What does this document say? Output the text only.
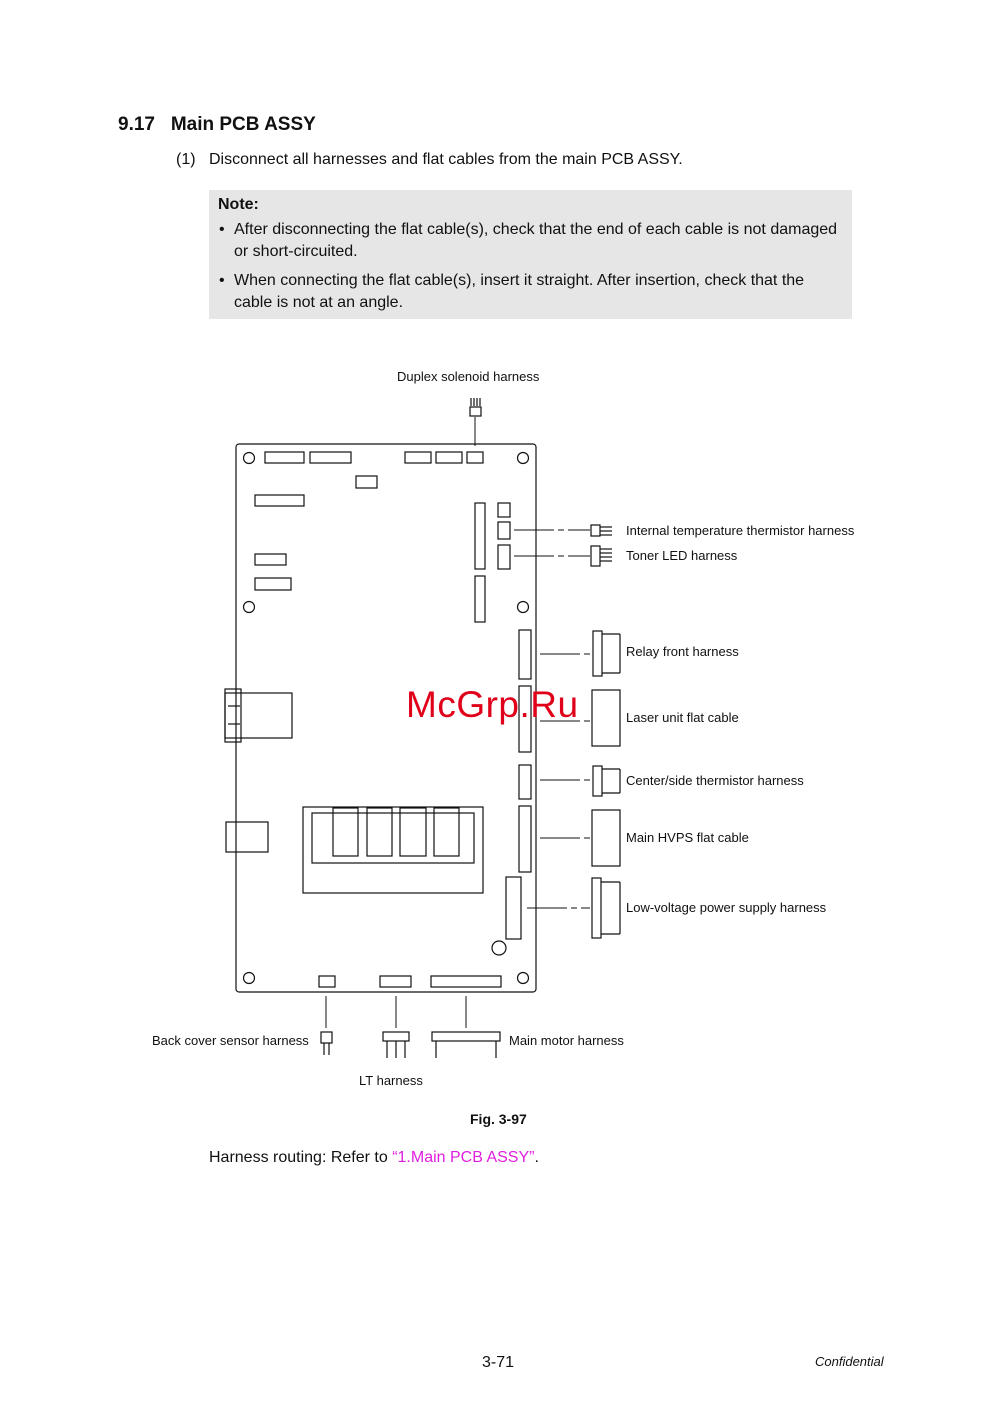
9.17 Main PCB ASSY
(1) Disconnect all harnesses and flat cables from the main PCB ASSY.
Note:
• After disconnecting the flat cable(s), check that the end of each cable is not damaged or short-circuited.
• When connecting the flat cable(s), insert it straight. After insertion, check that the cable is not at an angle.
Duplex solenoid harness
Internal temperature thermistor harness
Toner LED harness
Relay front harness
Laser unit flat cable
Center/side thermistor harness
Main HVPS flat cable
Low-voltage power supply harness
Back cover sensor harness
LT harness
Main motor harness
McGrp.Ru
Fig. 3-97
Harness routing: Refer to “1.Main PCB ASSY”.
3-71	Confidential
